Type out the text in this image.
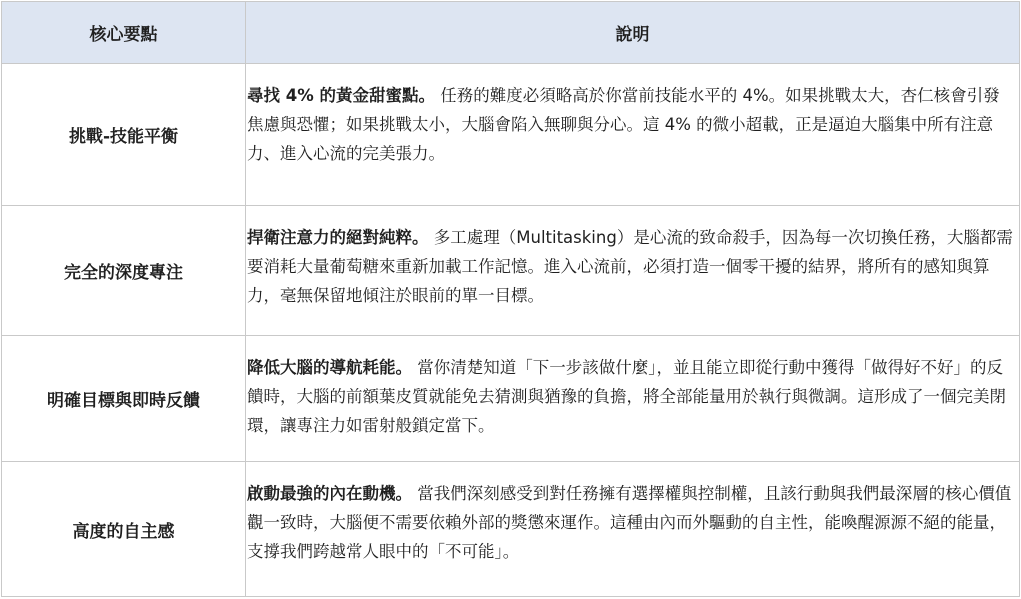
核心要點	說明
挑戰-技能平衡	尋找 4% 的黃金甜蜜點。 任務的難度必須略高於你當前技能水平的 4%。如果挑戰太大，杏仁核會引發焦慮與恐懼；如果挑戰太小，大腦會陷入無聊與分心。這 4% 的微小超載，正是逼迫大腦集中所有注意力、進入心流的完美張力。
完全的深度專注	捍衛注意力的絕對純粹。 多工處理（Multitasking）是心流的致命殺手，因為每一次切換任務，大腦都需要消耗大量葡萄糖來重新加載工作記憶。進入心流前，必須打造一個零干擾的結界，將所有的感知與算力，毫無保留地傾注於眼前的單一目標。
明確目標與即時反饋	降低大腦的導航耗能。 當你清楚知道「下一步該做什麼」，並且能立即從行動中獲得「做得好不好」的反饋時，大腦的前額葉皮質就能免去猜測與猶豫的負擔，將全部能量用於執行與微調。這形成了一個完美閉環，讓專注力如雷射般鎖定當下。
高度的自主感	啟動最強的內在動機。 當我們深刻感受到對任務擁有選擇權與控制權，且該行動與我們最深層的核心價值觀一致時，大腦便不需要依賴外部的獎懲來運作。這種由內而外驅動的自主性，能喚醒源源不絕的能量，支撐我們跨越常人眼中的「不可能」。
